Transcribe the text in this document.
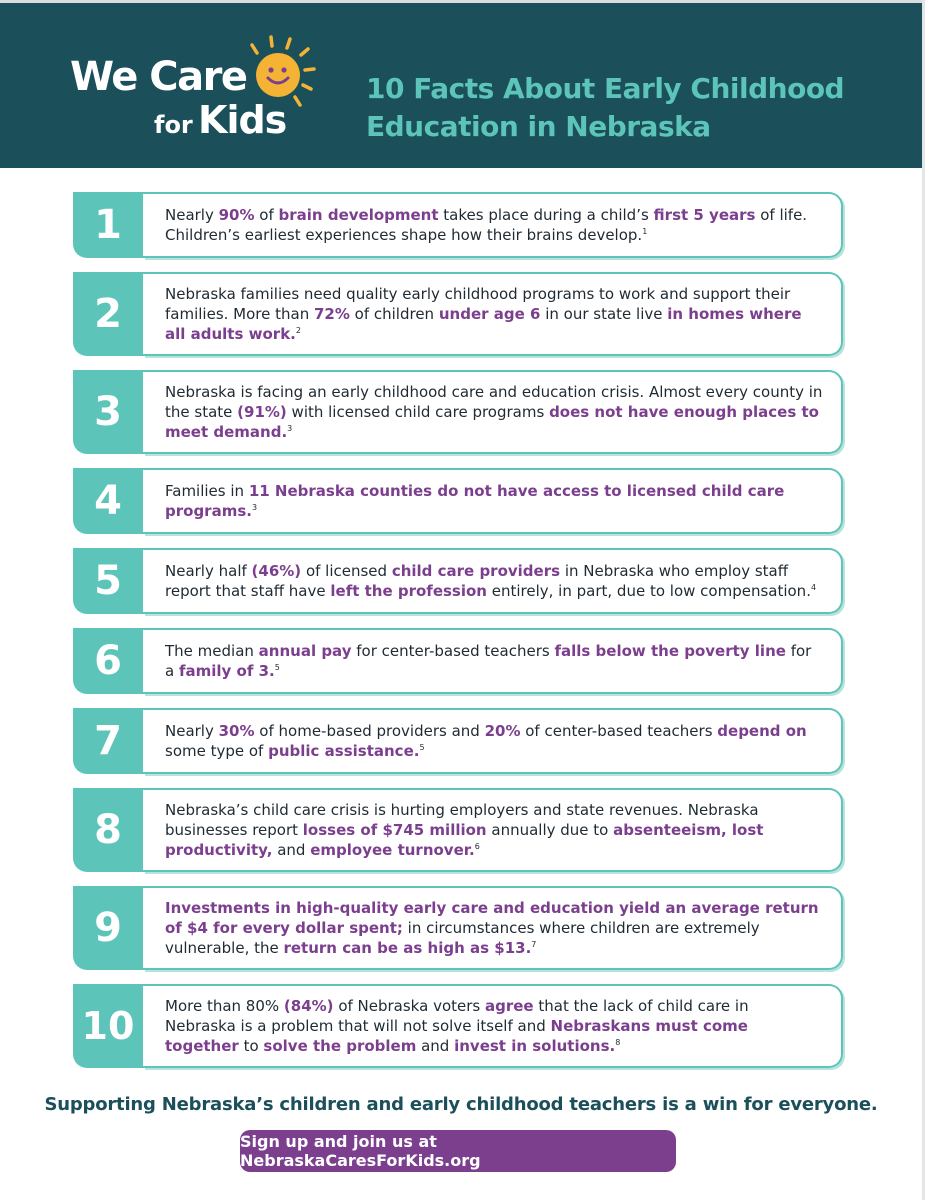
We Care
for Kids
10 Facts About Early Childhood Education in Nebraska
1	Nearly 90% of brain development takes place during a child’s first 5 years of life. Children’s earliest experiences shape how their brains develop.$^1$
2	Nebraska families need quality early childhood programs to work and support their families. More than 72% of children under age 6 in our state live in homes where all adults work.$^2$
3	Nebraska is facing an early childhood care and education crisis. Almost every county in the state (91%) with licensed child care programs does not have enough places to meet demand.$^3$
4	Families in 11 Nebraska counties do not have access to licensed child care programs.$^3$
5	Nearly half (46%) of licensed child care providers in Nebraska who employ staff report that staff have left the profession entirely, in part, due to low compensation.$^4$
6	The median annual pay for center-based teachers falls below the poverty line for a family of 3.$^5$
7	Nearly 30% of home-based providers and 20% of center-based teachers depend on some type of public assistance.$^5$
8	Nebraska’s child care crisis is hurting employers and state revenues. Nebraska businesses report losses of $745 million annually due to absenteeism, lost productivity, and employee turnover.$^6$
9	Investments in high-quality early care and education yield an average return of $4 for every dollar spent; in circumstances where children are extremely vulnerable, the return can be as high as $13.$^7$
10	More than 80% (84%) of Nebraska voters agree that the lack of child care in Nebraska is a problem that will not solve itself and Nebraskans must come together to solve the problem and invest in solutions.$^8$
Supporting Nebraska’s children and early childhood teachers is a win for everyone.
Sign up and join us at NebraskaCaresForKids.org
